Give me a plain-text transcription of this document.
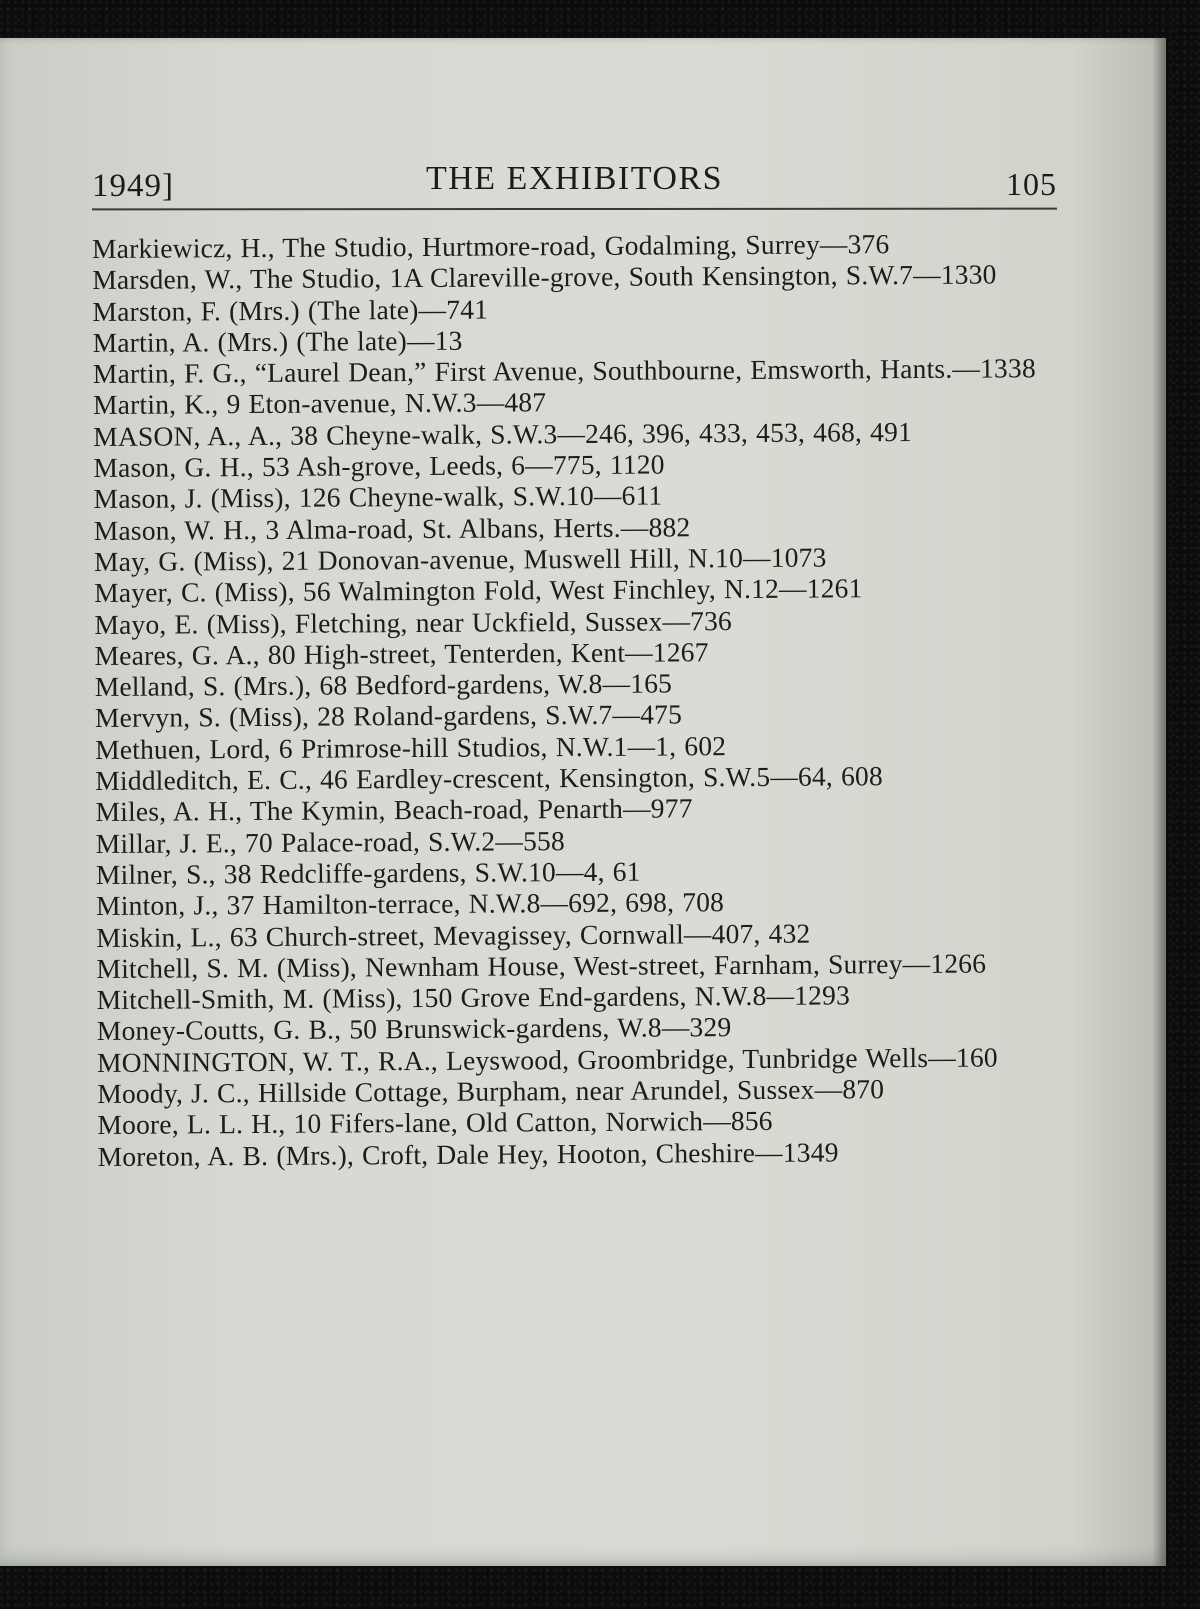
1949]	THE EXHIBITORS	105
Markiewicz, H., The Studio, Hurtmore-road, Godalming, Surrey—376
Marsden, W., The Studio, 1A Clareville-grove, South Kensington, S.W.7—1330
Marston, F. (Mrs.) (The late)—741
Martin, A. (Mrs.) (The late)—13
Martin, F. G., “Laurel Dean,” First Avenue, Southbourne, Emsworth, Hants.—1338
Martin, K., 9 Eton-avenue, N.W.3—487
MASON, A., A., 38 Cheyne-walk, S.W.3—246, 396, 433, 453, 468, 491
Mason, G. H., 53 Ash-grove, Leeds, 6—775, 1120
Mason, J. (Miss), 126 Cheyne-walk, S.W.10—611
Mason, W. H., 3 Alma-road, St. Albans, Herts.—882
May, G. (Miss), 21 Donovan-avenue, Muswell Hill, N.10—1073
Mayer, C. (Miss), 56 Walmington Fold, West Finchley, N.12—1261
Mayo, E. (Miss), Fletching, near Uckfield, Sussex—736
Meares, G. A., 80 High-street, Tenterden, Kent—1267
Melland, S. (Mrs.), 68 Bedford-gardens, W.8—165
Mervyn, S. (Miss), 28 Roland-gardens, S.W.7—475
Methuen, Lord, 6 Primrose-hill Studios, N.W.1—1, 602
Middleditch, E. C., 46 Eardley-crescent, Kensington, S.W.5—64, 608
Miles, A. H., The Kymin, Beach-road, Penarth—977
Millar, J. E., 70 Palace-road, S.W.2—558
Milner, S., 38 Redcliffe-gardens, S.W.10—4, 61
Minton, J., 37 Hamilton-terrace, N.W.8—692, 698, 708
Miskin, L., 63 Church-street, Mevagissey, Cornwall—407, 432
Mitchell, S. M. (Miss), Newnham House, West-street, Farnham, Surrey—1266
Mitchell-Smith, M. (Miss), 150 Grove End-gardens, N.W.8—1293
Money-Coutts, G. B., 50 Brunswick-gardens, W.8—329
MONNINGTON, W. T., R.A., Leyswood, Groombridge, Tunbridge Wells—160
Moody, J. C., Hillside Cottage, Burpham, near Arundel, Sussex—870
Moore, L. L. H., 10 Fifers-lane, Old Catton, Norwich—856
Moreton, A. B. (Mrs.), Croft, Dale Hey, Hooton, Cheshire—1349
